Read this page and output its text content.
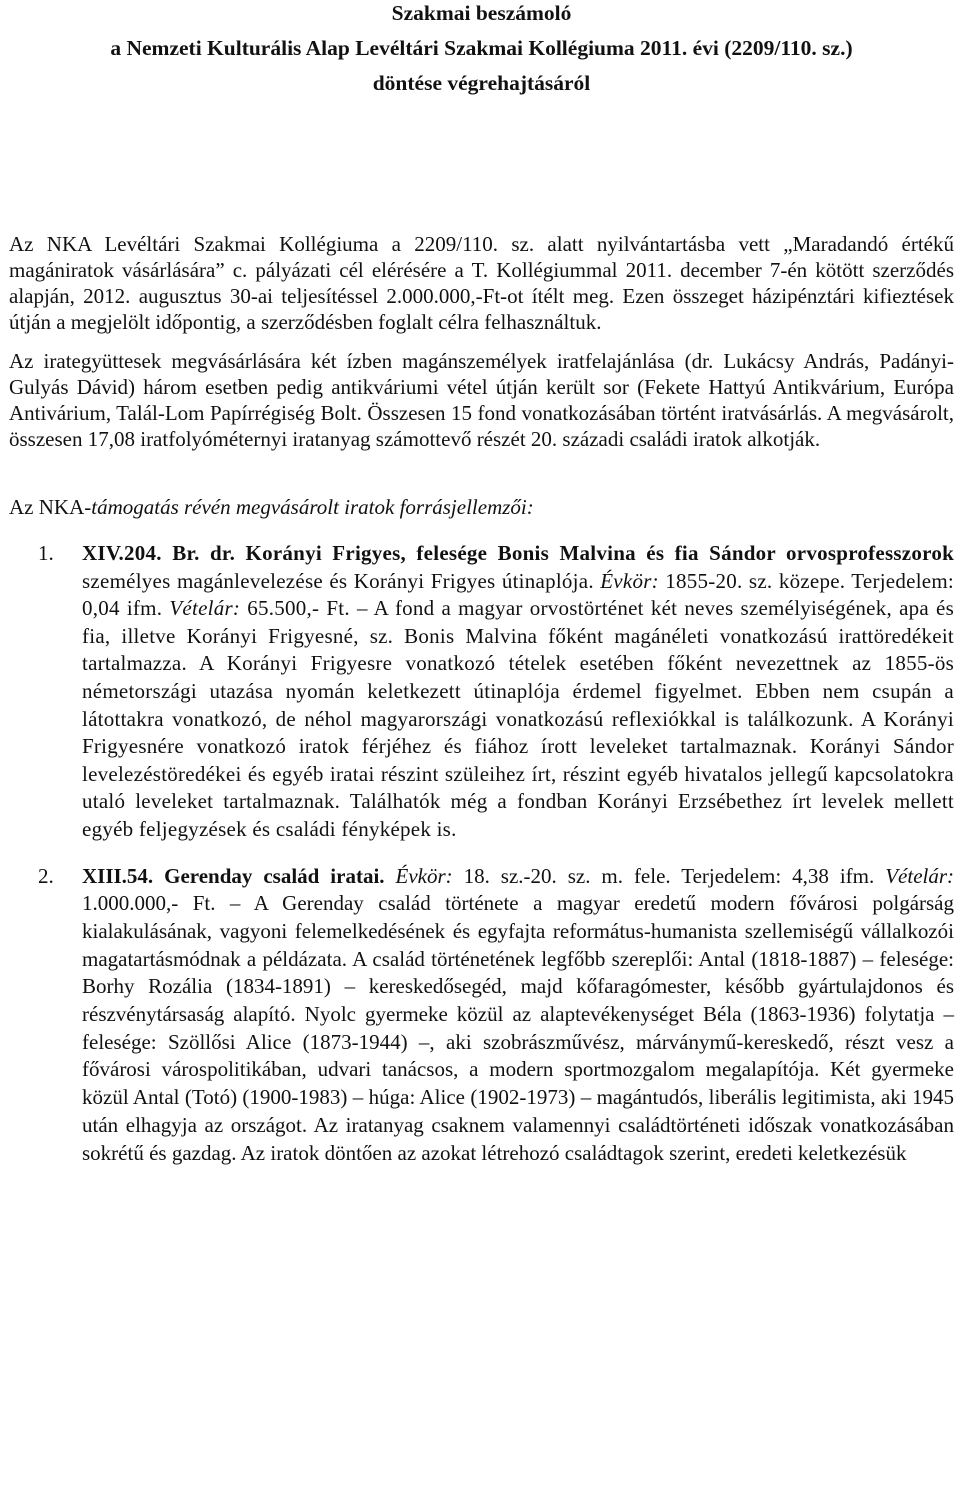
Szakmai beszámoló
a Nemzeti Kulturális Alap Levéltári Szakmai Kollégiuma 2011. évi (2209/110. sz.)
döntése végrehajtásáról

Az NKA Levéltári Szakmai Kollégiuma a 2209/110. sz. alatt nyilvántartásba vett „Maradandó értékű magániratok vásárlására” c. pályázati cél elérésére a T. Kollégiummal 2011. december 7-én kötött szerződés alapján, 2012. augusztus 30-ai teljesítéssel 2.000.000,-Ft-ot ítélt meg. Ezen összeget házipénztári kifieztések útján a megjelölt időpontig, a szerződésben foglalt célra felhasználtuk.

Az irategyüttesek megvásárlására két ízben magánszemélyek iratfelajánlása (dr. Lukácsy András, Padányi-Gulyás Dávid) három esetben pedig antikváriumi vétel útján került sor (Fekete Hattyú Antikvárium, Európa Antivárium, Talál-Lom Papírrégiség Bolt. Összesen 15 fond vonatkozásában történt iratvásárlás. A megvásárolt, összesen 17,08 iratfolyóméternyi iratanyag számottevő részét 20. századi családi iratok alkotják.

Az NKA-támogatás révén megvásárolt iratok forrásjellemzői:

1. XIV.204. Br. dr. Korányi Frigyes, felesége Bonis Malvina és fia Sándor orvosprofesszorok személyes magánlevelezése és Korányi Frigyes útinaplója. Évkör: 1855-20. sz. közepe. Terjedelem: 0,04 ifm. Vételár: 65.500,- Ft. – A fond a magyar orvostörténet két neves személyiségének, apa és fia, illetve Korányi Frigyesné, sz. Bonis Malvina főként magánéleti vonatkozású irattöredékeit tartalmazza. A Korányi Frigyesre vonatkozó tételek esetében főként nevezettnek az 1855-ös németországi utazása nyomán keletkezett útinaplója érdemel figyelmet. Ebben nem csupán a látottakra vonatkozó, de néhol magyarországi vonatkozású reflexiókkal is találkozunk. A Korányi Frigyesnére vonatkozó iratok férjéhez és fiához írott leveleket tartalmaznak. Korányi Sándor levelezéstöredékei és egyéb iratai részint szüleihez írt, részint egyéb hivatalos jellegű kapcsolatokra utaló leveleket tartalmaznak. Találhatók még a fondban Korányi Erzsébethez írt levelek mellett egyéb feljegyzések és családi fényképek is.
2. XIII.54. Gerenday család iratai. Évkör: 18. sz.-20. sz. m. fele. Terjedelem: 4,38 ifm. Vételár: 1.000.000,- Ft. – A Gerenday család története a magyar eredetű modern fővárosi polgárság kialakulásának, vagyoni felemelkedésének és egyfajta református-humanista szellemiségű vállalkozói magatartásmódnak a példázata. A család történetének legfőbb szereplői: Antal (1818-1887) – felesége: Borhy Rozália (1834-1891) – kereskedősegéd, majd kőfaragómester, később gyártulajdonos és részvénytársaság alapító. Nyolc gyermeke közül az alaptevékenységet Béla (1863-1936) folytatja – felesége: Szöllősi Alice (1873-1944) –, aki szobrászművész, márványmű-kereskedő, részt vesz a fővárosi várospolitikában, udvari tanácsos, a modern sportmozgalom megalapítója. Két gyermeke közül Antal (Totó) (1900-1983) – húga: Alice (1902-1973) – magántudós, liberális legitimista, aki 1945 után elhagyja az országot. Az iratanyag csaknem valamennyi családtörténeti időszak vonatkozásában sokrétű és gazdag. Az iratok döntően az azokat létrehozó családtagok szerint, eredeti keletkezésük
